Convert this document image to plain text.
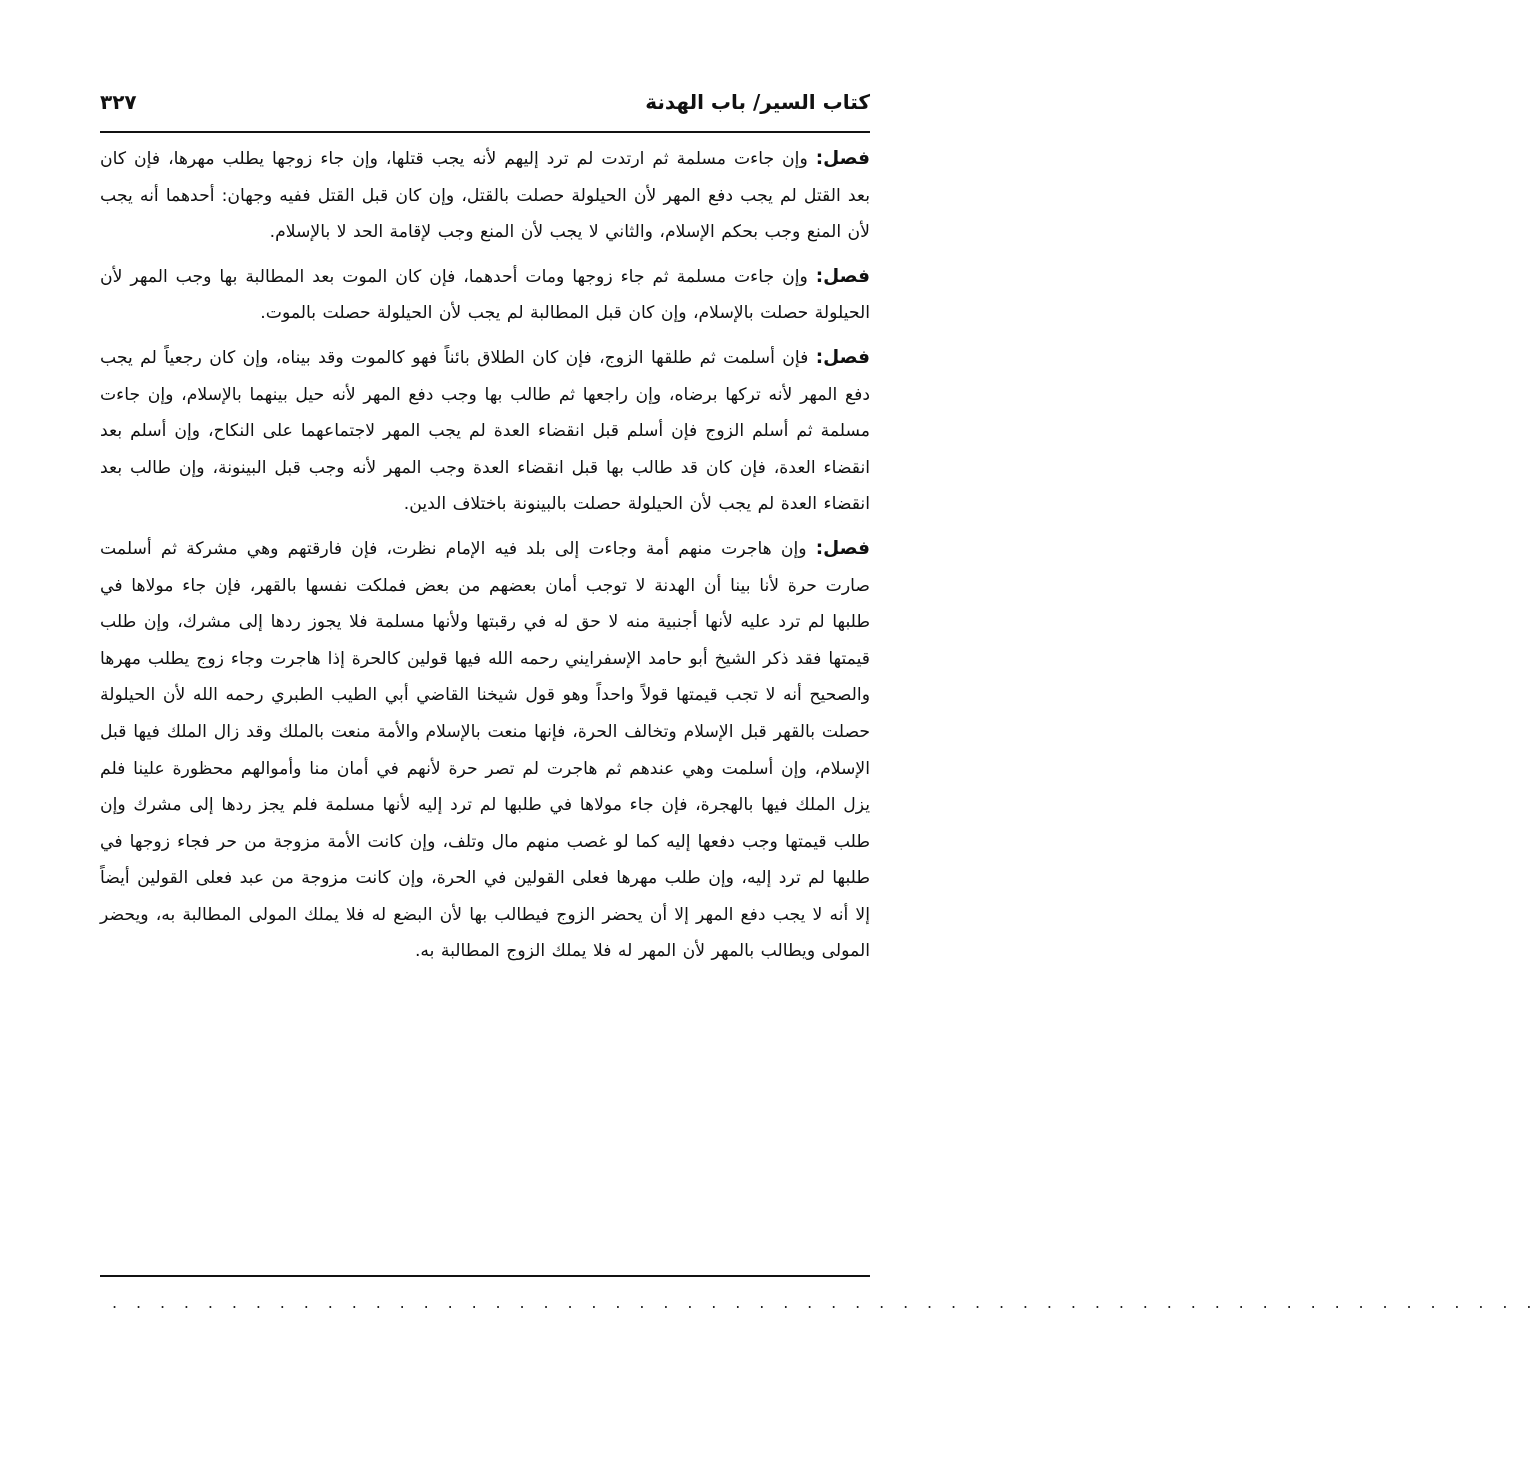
كتاب السير/ باب الهدنة
٣٢٧

فصل: وإن جاءت مسلمة ثم ارتدت لم ترد إليهم لأنه يجب قتلها، وإن جاء زوجها يطلب مهرها، فإن كان بعد القتل لم يجب دفع المهر لأن الحيلولة حصلت بالقتل، وإن كان قبل القتل ففيه وجهان: أحدهما أنه يجب لأن المنع وجب بحكم الإسلام، والثاني لا يجب لأن المنع وجب لإقامة الحد لا بالإسلام.

فصل: وإن جاءت مسلمة ثم جاء زوجها ومات أحدهما، فإن كان الموت بعد المطالبة بها وجب المهر لأن الحيلولة حصلت بالإسلام، وإن كان قبل المطالبة لم يجب لأن الحيلولة حصلت بالموت.

فصل: فإن أسلمت ثم طلقها الزوج، فإن كان الطلاق بائناً فهو كالموت وقد بيناه، وإن كان رجعياً لم يجب دفع المهر لأنه تركها برضاه، وإن راجعها ثم طالب بها وجب دفع المهر لأنه حيل بينهما بالإسلام، وإن جاءت مسلمة ثم أسلم الزوج فإن أسلم قبل انقضاء العدة لم يجب المهر لاجتماعهما على النكاح، وإن أسلم بعد انقضاء العدة، فإن كان قد طالب بها قبل انقضاء العدة وجب المهر لأنه وجب قبل البينونة، وإن طالب بعد انقضاء العدة لم يجب لأن الحيلولة حصلت بالبينونة باختلاف الدين.

فصل: وإن هاجرت منهم أمة وجاءت إلى بلد فيه الإمام نظرت، فإن فارقتهم وهي مشركة ثم أسلمت صارت حرة لأنا بينا أن الهدنة لا توجب أمان بعضهم من بعض فملكت نفسها بالقهر، فإن جاء مولاها في طلبها لم ترد عليه لأنها أجنبية منه لا حق له في رقبتها ولأنها مسلمة فلا يجوز ردها إلى مشرك، وإن طلب قيمتها فقد ذكر الشيخ أبو حامد الإسفرايني رحمه الله فيها قولين كالحرة إذا هاجرت وجاء زوج يطلب مهرها والصحيح أنه لا تجب قيمتها قولاً واحداً وهو قول شيخنا القاضي أبي الطيب الطبري رحمه الله لأن الحيلولة حصلت بالقهر قبل الإسلام وتخالف الحرة، فإنها منعت بالإسلام والأمة منعت بالملك وقد زال الملك فيها قبل الإسلام، وإن أسلمت وهي عندهم ثم هاجرت لم تصر حرة لأنهم في أمان منا وأموالهم محظورة علينا فلم يزل الملك فيها بالهجرة، فإن جاء مولاها في طلبها لم ترد إليه لأنها مسلمة فلم يجز ردها إلى مشرك وإن طلب قيمتها وجب دفعها إليه كما لو غصب منهم مال وتلف، وإن كانت الأمة مزوجة من حر فجاء زوجها في طلبها لم ترد إليه، وإن طلب مهرها فعلى القولين في الحرة، وإن كانت مزوجة من عبد فعلى القولين أيضاً إلا أنه لا يجب دفع المهر إلا أن يحضر الزوج فيطالب بها لأن البضع له فلا يملك المولى المطالبة به، ويحضر المولى ويطالب بالمهر لأن المهر له فلا يملك الزوج المطالبة به.

. . . . . . . . . . . . . . . . . . . . . . . . . . . . . . . . . . . . . . . . . . . . . . . . . . . . . . . . . . . .
